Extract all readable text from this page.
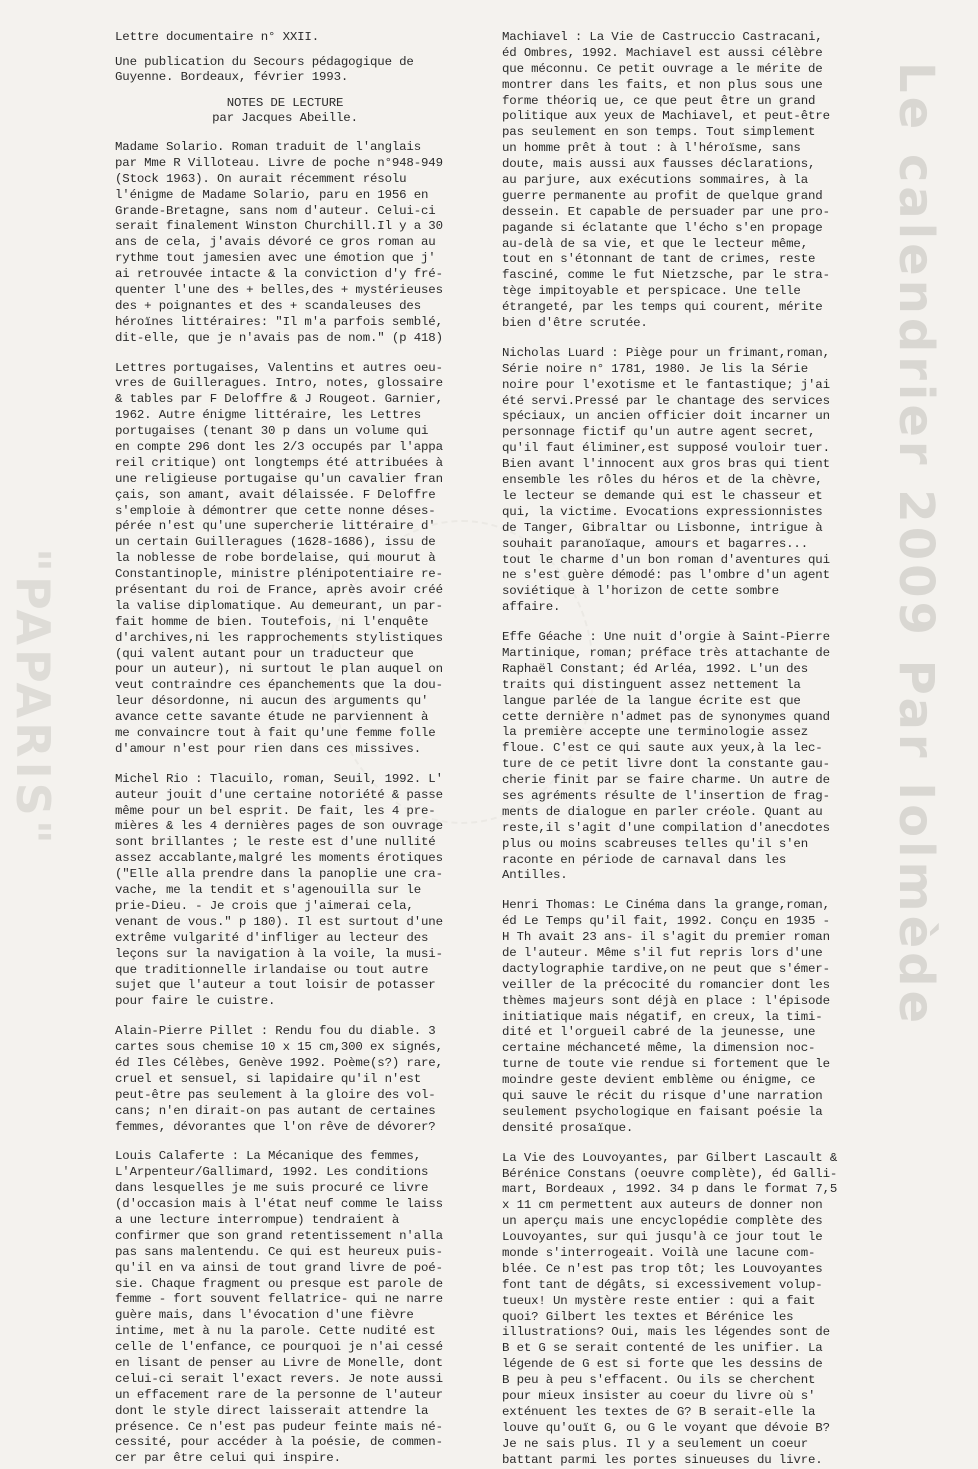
Le calendrier 2009 Par Iolmède
"PAPARIS"
Lettre documentaire n° XXII.
Une publication du Secours pédagogique de
Guyenne. Bordeaux, février 1993.
NOTES DE LECTURE
par Jacques Abeille.
Madame Solario. Roman traduit de l'anglais
par Mme R Villoteau. Livre de poche n°948-949
(Stock 1963). On aurait récemment résolu
l'énigme de Madame Solario, paru en 1956 en
Grande-Bretagne, sans nom d'auteur. Celui-ci
serait finalement Winston Churchill.Il y a 30
ans de cela, j'avais dévoré ce gros roman au
rythme tout jamesien avec une émotion que j'
ai retrouvée intacte & la conviction d'y fré-
quenter l'une des + belles,des + mystérieuses
des + poignantes et des + scandaleuses des
héroïnes littéraires: "Il m'a parfois semblé,
dit-elle, que je n'avais pas de nom." (p 418)
Lettres portugaises, Valentins et autres oeu-
vres de Guilleragues. Intro, notes, glossaire
& tables par F Deloffre & J Rougeot. Garnier,
1962. Autre énigme littéraire, les Lettres
portugaises (tenant 30 p dans un volume qui
en compte 296 dont les 2/3 occupés par l'appa
reil critique) ont longtemps été attribuées à
une religieuse portugaise qu'un cavalier fran
çais, son amant, avait délaissée. F Deloffre
s'emploie à démontrer que cette nonne déses-
pérée n'est qu'une supercherie littéraire d'
un certain Guilleragues (1628-1686), issu de
la noblesse de robe bordelaise, qui mourut à
Constantinople, ministre plénipotentiaire re-
présentant du roi de France, après avoir créé
la valise diplomatique. Au demeurant, un par-
fait homme de bien. Toutefois, ni l'enquête
d'archives,ni les rapprochements stylistiques
(qui valent autant pour un traducteur que
pour un auteur), ni surtout le plan auquel on
veut contraindre ces épanchements que la dou-
leur désordonne, ni aucun des arguments qu'
avance cette savante étude ne parviennent à
me convaincre tout à fait qu'une femme folle
d'amour n'est pour rien dans ces missives.
Michel Rio : Tlacuilo, roman, Seuil, 1992. L'
auteur jouit d'une certaine notoriété & passe
même pour un bel esprit. De fait, les 4 pre-
mières & les 4 dernières pages de son ouvrage
sont brillantes ; le reste est d'une nullité
assez accablante,malgré les moments érotiques
("Elle alla prendre dans la panoplie une cra-
vache, me la tendit et s'agenouilla sur le
prie-Dieu. - Je crois que j'aimerai cela,
venant de vous." p 180). Il est surtout d'une
extrême vulgarité d'infliger au lecteur des
leçons sur la navigation à la voile, la musi-
que traditionnelle irlandaise ou tout autre
sujet que l'auteur a tout loisir de potasser
pour faire le cuistre.
Alain-Pierre Pillet : Rendu fou du diable. 3
cartes sous chemise 10 x 15 cm,300 ex signés,
éd Iles Célèbes, Genève 1992. Poème(s?) rare,
cruel et sensuel, si lapidaire qu'il n'est
peut-être pas seulement à la gloire des vol-
cans; n'en dirait-on pas autant de certaines
femmes, dévorantes que l'on rêve de dévorer?
Louis Calaferte : La Mécanique des femmes,
L'Arpenteur/Gallimard, 1992. Les conditions
dans lesquelles je me suis procuré ce livre
(d'occasion mais à l'état neuf comme le laiss
a une lecture interrompue) tendraient à
confirmer que son grand retentissement n'alla
pas sans malentendu. Ce qui est heureux puis-
qu'il en va ainsi de tout grand livre de poé-
sie. Chaque fragment ou presque est parole de
femme - fort souvent fellatrice- qui ne narre
guère mais, dans l'évocation d'une fièvre
intime, met à nu la parole. Cette nudité est
celle de l'enfance, ce pourquoi je n'ai cessé
en lisant de penser au Livre de Monelle, dont
celui-ci serait l'exact revers. Je note aussi
un effacement rare de la personne de l'auteur
dont le style direct laisserait attendre la
présence. Ce n'est pas pudeur feinte mais né-
cessité, pour accéder à la poésie, de commen-
cer par être celui qui inspire.
Machiavel : La Vie de Castruccio Castracani,
éd Ombres, 1992. Machiavel est aussi célèbre
que méconnu. Ce petit ouvrage a le mérite de
montrer dans les faits, et non plus sous une
forme théoriq ue, ce que peut être un grand
politique aux yeux de Machiavel, et peut-être
pas seulement en son temps. Tout simplement
un homme prêt à tout : à l'héroïsme, sans
doute, mais aussi aux fausses déclarations,
au parjure, aux exécutions sommaires, à la
guerre permanente au profit de quelque grand
dessein. Et capable de persuader par une pro-
pagande si éclatante que l'écho s'en propage
au-delà de sa vie, et que le lecteur même,
tout en s'étonnant de tant de crimes, reste
fasciné, comme le fut Nietzsche, par le stra-
tège impitoyable et perspicace. Une telle
étrangeté, par les temps qui courent, mérite
bien d'être scrutée.
Nicholas Luard : Piège pour un frimant,roman,
Série noire n° 1781, 1980. Je lis la Série
noire pour l'exotisme et le fantastique; j'ai
été servi.Pressé par le chantage des services
spéciaux, un ancien officier doit incarner un
personnage fictif qu'un autre agent secret,
qu'il faut éliminer,est supposé vouloir tuer.
Bien avant l'innocent aux gros bras qui tient
ensemble les rôles du héros et de la chèvre,
le lecteur se demande qui est le chasseur et
qui, la victime. Evocations expressionnistes
de Tanger, Gibraltar ou Lisbonne, intrigue à
souhait paranoïaque, amours et bagarres...
tout le charme d'un bon roman d'aventures qui
ne s'est guère démodé: pas l'ombre d'un agent
soviétique à l'horizon de cette sombre
affaire.
Effe Géache : Une nuit d'orgie à Saint-Pierre
Martinique, roman; préface très attachante de
Raphaël Constant; éd Arléa, 1992. L'un des
traits qui distinguent assez nettement la
langue parlée de la langue écrite est que
cette dernière n'admet pas de synonymes quand
la première accepte une terminologie assez
floue. C'est ce qui saute aux yeux,à la lec-
ture de ce petit livre dont la constante gau-
cherie finit par se faire charme. Un autre de
ses agréments résulte de l'insertion de frag-
ments de dialogue en parler créole. Quant au
reste,il s'agit d'une compilation d'anecdotes
plus ou moins scabreuses telles qu'il s'en
raconte en période de carnaval dans les
Antilles.
Henri Thomas: Le Cinéma dans la grange,roman,
éd Le Temps qu'il fait, 1992. Conçu en 1935 -
H Th avait 23 ans- il s'agit du premier roman
de l'auteur. Même s'il fut repris lors d'une
dactylographie tardive,on ne peut que s'émer-
veiller de la précocité du romancier dont les
thèmes majeurs sont déjà en place : l'épisode
initiatique mais négatif, en creux, la timi-
dité et l'orgueil cabré de la jeunesse, une
certaine méchanceté même, la dimension noc-
turne de toute vie rendue si fortement que le
moindre geste devient emblème ou énigme, ce
qui sauve le récit du risque d'une narration
seulement psychologique en faisant poésie la
densité prosaïque.
La Vie des Louvoyantes, par Gilbert Lascault &
Bérénice Constans (oeuvre complète), éd Galli-
mart, Bordeaux , 1992. 34 p dans le format 7,5
x 11 cm permettent aux auteurs de donner non
un aperçu mais une encyclopédie complète des
Louvoyantes, sur qui jusqu'à ce jour tout le
monde s'interrogeait. Voilà une lacune com-
blée. Ce n'est pas trop tôt; les Louvoyantes
font tant de dégâts, si excessivement volup-
tueux! Un mystère reste entier : qui a fait
quoi? Gilbert les textes et Bérénice les
illustrations? Oui, mais les légendes sont de
B et G se serait contenté de les unifier. La
légende de G est si forte que les dessins de
B peu à peu s'effacent. Ou ils se cherchent
pour mieux insister au coeur du livre où s'
exténuent les textes de G? B serait-elle la
louve qu'ouït G, ou G le voyant que dévoie B?
Je ne sais plus. Il y a seulement un coeur
battant parmi les portes sinueuses du livre.
